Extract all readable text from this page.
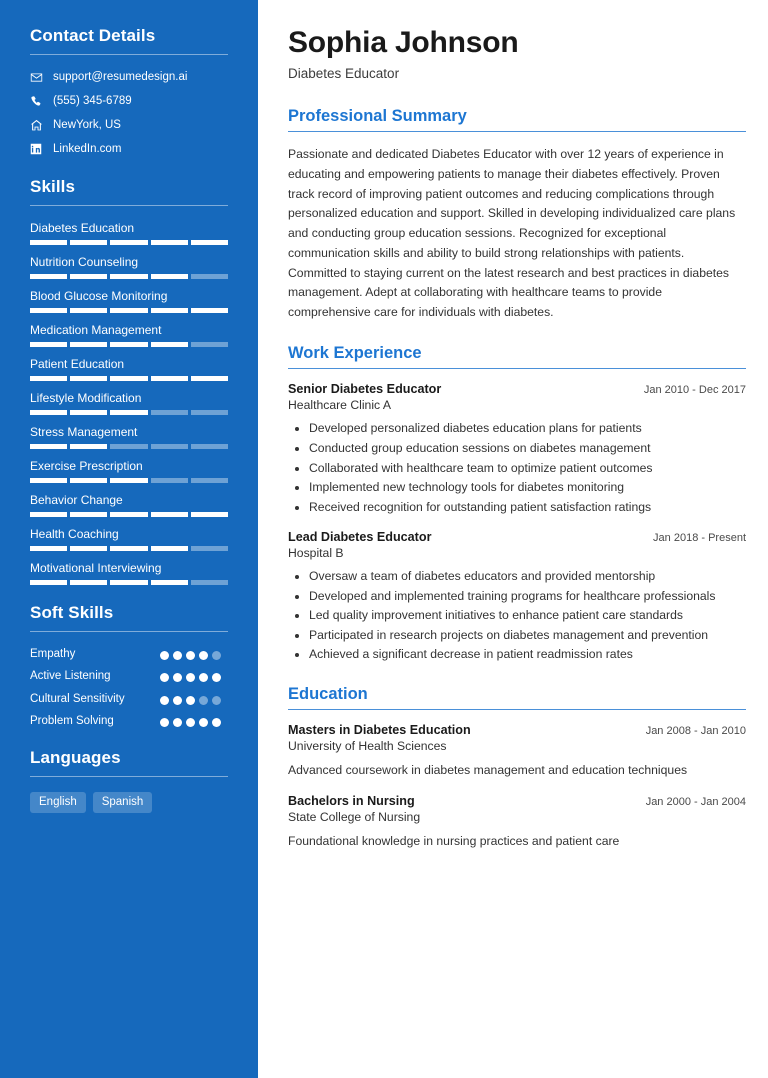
Contact Details
support@resumedesign.ai
(555) 345-6789
NewYork, US
LinkedIn.com
Skills
Diabetes Education
Nutrition Counseling
Blood Glucose Monitoring
Medication Management
Patient Education
Lifestyle Modification
Stress Management
Exercise Prescription
Behavior Change
Health Coaching
Motivational Interviewing
Soft Skills
Empathy
Active Listening
Cultural Sensitivity
Problem Solving
Languages
English	Spanish
Sophia Johnson
Diabetes Educator
Professional Summary

Passionate and dedicated Diabetes Educator with over 12 years of experience in educating and empowering patients to manage their diabetes effectively. Proven track record of improving patient outcomes and reducing complications through personalized education and support. Skilled in developing individualized care plans and conducting group education sessions. Recognized for exceptional communication skills and ability to build strong relationships with patients. Committed to staying current on the latest research and best practices in diabetes management. Adept at collaborating with healthcare teams to provide comprehensive care for individuals with diabetes.

Work Experience
Senior Diabetes Educator	Jan 2010 - Dec 2017
Healthcare Clinic A
• Developed personalized diabetes education plans for patients
• Conducted group education sessions on diabetes management
• Collaborated with healthcare team to optimize patient outcomes
• Implemented new technology tools for diabetes monitoring
• Received recognition for outstanding patient satisfaction ratings
Lead Diabetes Educator	Jan 2018 - Present
Hospital B
• Oversaw a team of diabetes educators and provided mentorship
• Developed and implemented training programs for healthcare professionals
• Led quality improvement initiatives to enhance patient care standards
• Participated in research projects on diabetes management and prevention
• Achieved a significant decrease in patient readmission rates
Education
Masters in Diabetes Education	Jan 2008 - Jan 2010
University of Health Sciences
Advanced coursework in diabetes management and education techniques
Bachelors in Nursing	Jan 2000 - Jan 2004
State College of Nursing
Foundational knowledge in nursing practices and patient care
